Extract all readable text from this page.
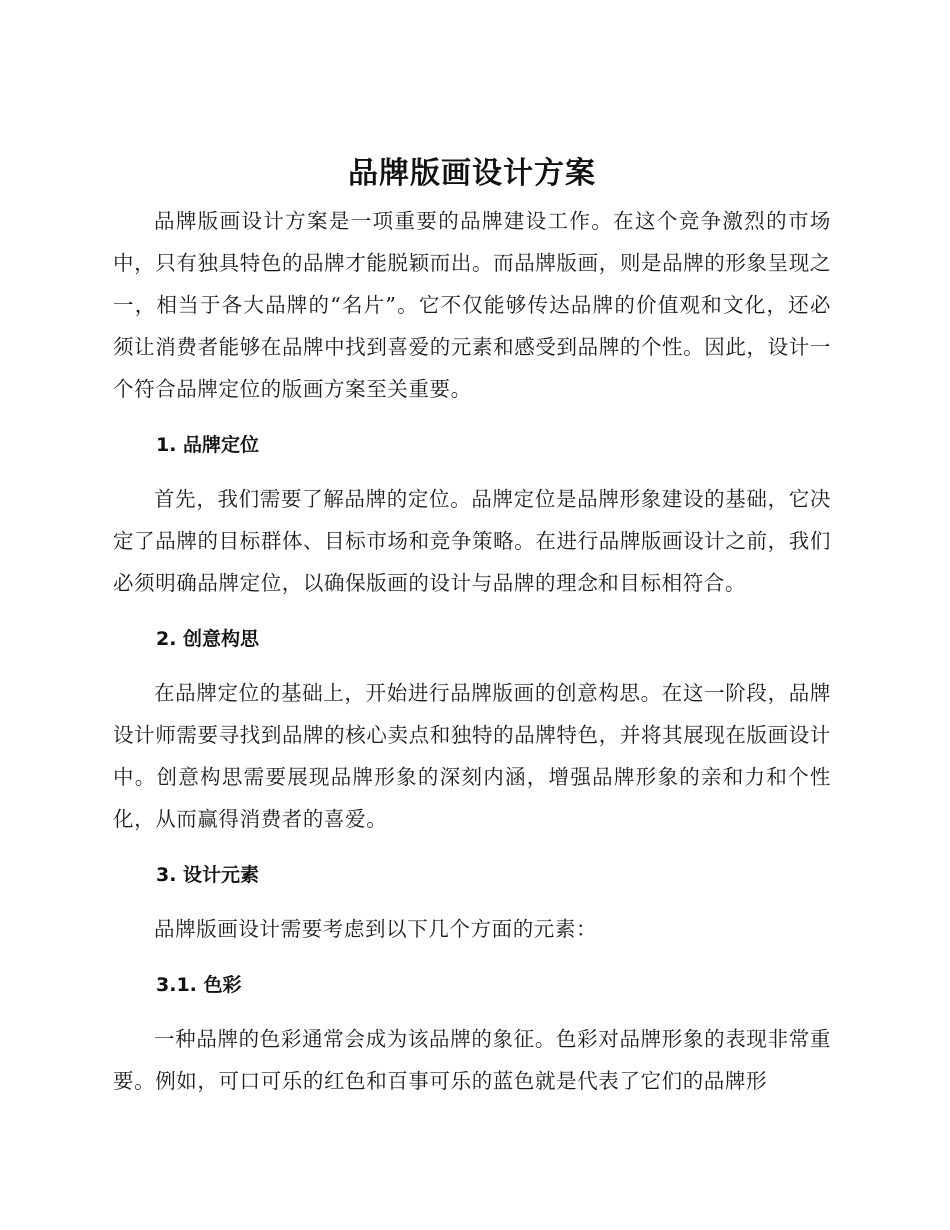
品牌版画设计方案

品牌版画设计方案是一项重要的品牌建设工作。在这个竞争激烈的市场中，只有独具特色的品牌才能脱颖而出。而品牌版画，则是品牌的形象呈现之一，相当于各大品牌的“名片”。它不仅能够传达品牌的价值观和文化，还必须让消费者能够在品牌中找到喜爱的元素和感受到品牌的个性。因此，设计一个符合品牌定位的版画方案至关重要。

1. 品牌定位

首先，我们需要了解品牌的定位。品牌定位是品牌形象建设的基础，它决定了品牌的目标群体、目标市场和竞争策略。在进行品牌版画设计之前，我们必须明确品牌定位，以确保版画的设计与品牌的理念和目标相符合。

2. 创意构思

在品牌定位的基础上，开始进行品牌版画的创意构思。在这一阶段，品牌设计师需要寻找到品牌的核心卖点和独特的品牌特色，并将其展现在版画设计中。创意构思需要展现品牌形象的深刻内涵，增强品牌形象的亲和力和个性化，从而赢得消费者的喜爱。

3. 设计元素

品牌版画设计需要考虑到以下几个方面的元素：

3.1. 色彩

一种品牌的色彩通常会成为该品牌的象征。色彩对品牌形象的表现非常重要。例如，可口可乐的红色和百事可乐的蓝色就是代表了它们的品牌形
